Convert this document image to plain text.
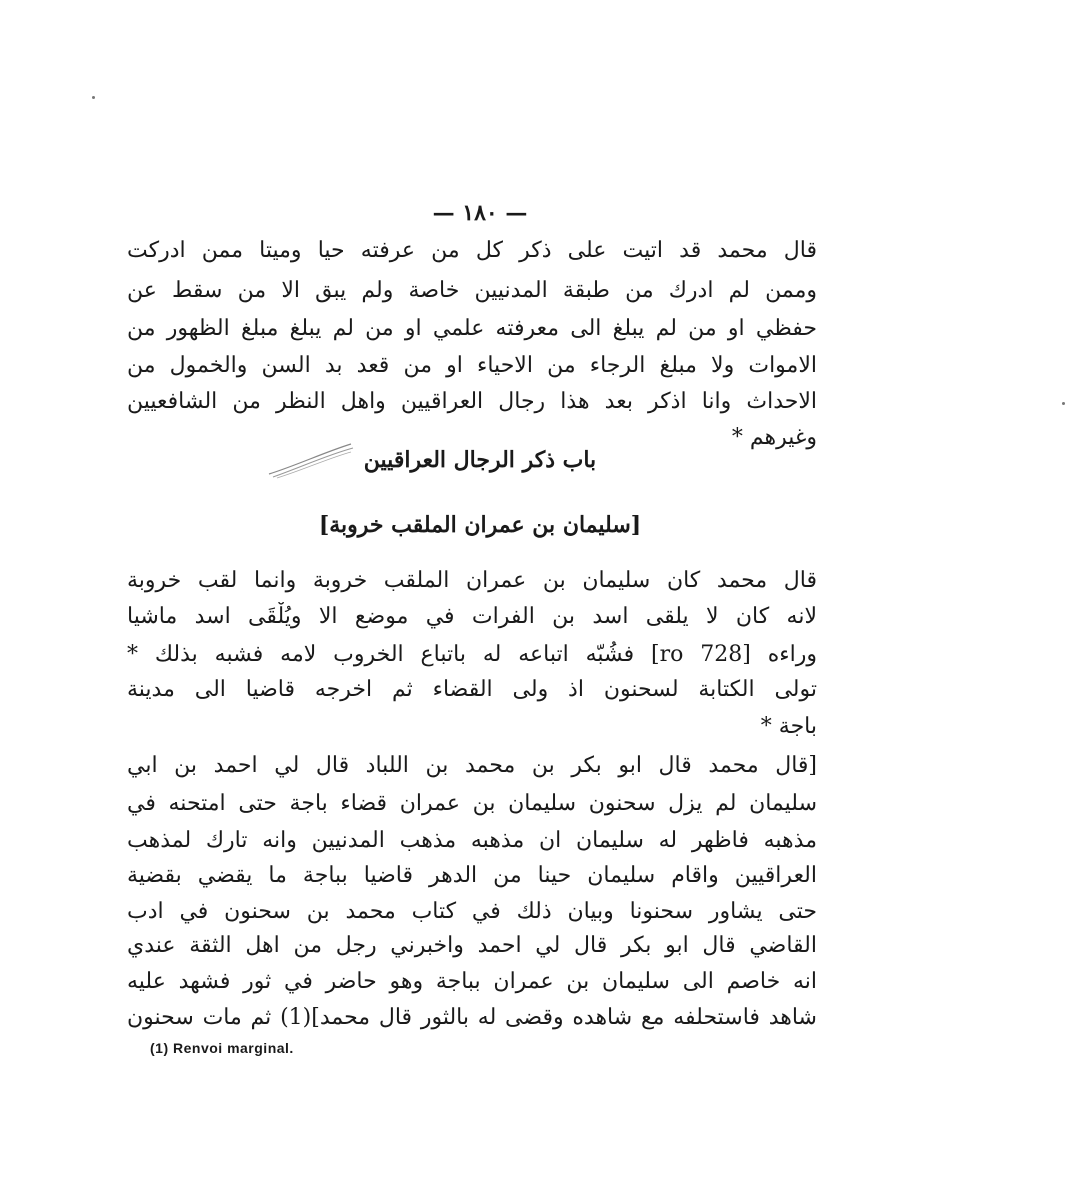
— ١٨٠ —
قال محمد قد اتيت على ذكر كل من عرفته حيا وميتا ممن ادركت
وممن لم ادرك من طبقة المدنيين خاصة ولم يبق الا من سقط عن
حفظي او من لم يبلغ الى معرفته علمي او من لم يبلغ مبلغ الظهور من
الاموات ولا مبلغ الرجاء من الاحياء او من قعد بد السن والخمول من
الاحداث وانا اذكر بعد هذا رجال العراقيين واهل النظر من الشافعيين
وغيرهم *
باب ذكر الرجال العراقيين
[سليمان بن عمران الملقب خروبة]
قال محمد كان سليمان بن عمران الملقب خروبة وانما لقب خروبة
لانه كان لا يلقى اسد بن الفرات في موضع الا ويُلْقَى اسد ماشيا
وراءه [728 ro] فشُبّه اتباعه له باتباع الخروب لامه فشبه بذلك *
تولى الكتابة لسحنون اذ ولى القضاء ثم اخرجه قاضيا الى مدينة
باجة *
[قال محمد قال ابو بكر بن محمد بن اللباد قال لي احمد بن ابي
سليمان لم يزل سحنون سليمان بن عمران قضاء باجة حتى امتحنه في
مذهبه فاظهر له سليمان ان مذهبه مذهب المدنيين وانه تارك لمذهب
العراقيين واقام سليمان حينا من الدهر قاضيا بباجة ما يقضي بقضية
حتى يشاور سحنونا وبيان ذلك في كتاب محمد بن سحنون في ادب
القاضي قال ابو بكر قال لي احمد واخبرني رجل من اهل الثقة عندي
انه خاصم الى سليمان بن عمران بباجة وهو حاضر في ثور فشهد عليه
شاهد فاستحلفه مع شاهده وقضى له بالثور قال محمد](1) ثم مات سحنون
(1) Renvoi marginal.
